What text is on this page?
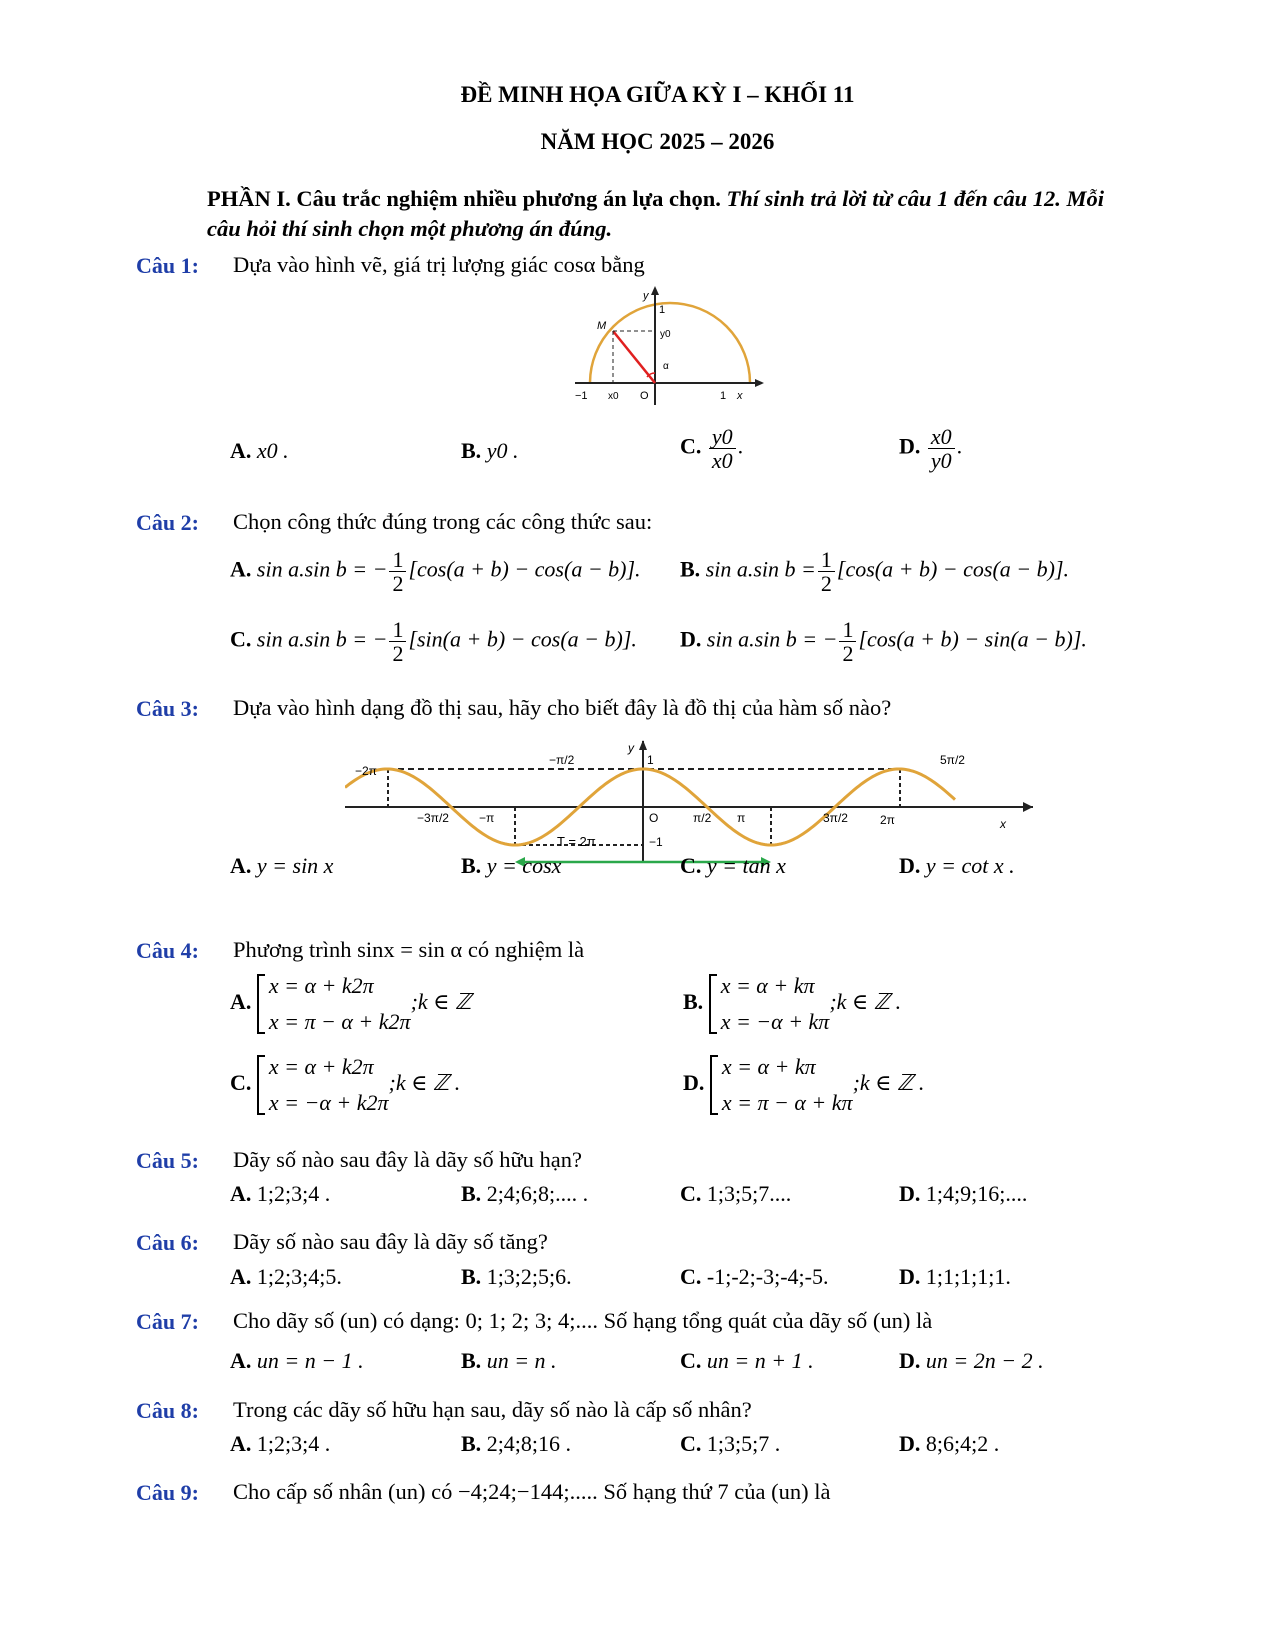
ĐỀ MINH HỌA GIỮA KỲ I – KHỐI 11
NĂM HỌC 2025 – 2026
PHẦN I. Câu trắc nghiệm nhiều phương án lựa chọn. Thí sinh trả lời từ câu 1 đến câu 12. Mỗi câu hỏi thí sinh chọn một phương án đúng.
Câu 1: Dựa vào hình vẽ, giá trị lượng giác cosα bằng
y
1
M
y0
α
−1 x0 O	1 x
A. x0 .	B. y0 .	C. $\frac{y0}{x0}$ .	D. $\frac{x0}{y0}$ .
Câu 2: Chọn công thức đúng trong các công thức sau:
A. sin a.sin b = − $\frac{1}{2} [\cos(a + b) - \cos(a - b)]$. B. sin a.sin $b = \frac{1}{2} [\cos(a + b) - \cos(a - b)]$.
C. sin a.sin b = − $\frac{1}{2} [\sin(a + b) - \cos(a - b)]$. D. sin a.sin b = − $\frac{1}{2} [\cos(a + b) - \sin(a - b)]$.
Câu 3: Dựa vào hình dạng đồ thị sau, hãy cho biết đây là đồ thị của hàm số nào?
y
1
−2π
−π/2
−3π/2	−π	O
−1
π/2 π	3π/2	2π
5π/2
x
T = 2π
A. y = sin x	B. y = cosx	C. y = tan x	D. y = cot x .
Câu 4: Phương trình sinx = sin α có nghiệm là
A.
x = α + k2π
x = π − α + k2π
;k ∈ ℤ	B.
x = α + kπ
x = −α + kπ
;k ∈ ℤ .
C.
x = α + k2π
x = −α + k2π
;k ∈ ℤ .	D.
x = α + kπ
x = π − α + kπ
;k ∈ ℤ .
Câu 5: Dãy số nào sau đây là dãy số hữu hạn?
A. 1;2;3;4 .	B. 2;4;6;8;.... .	C. 1;3;5;7....	D. 1;4;9;16;....
Câu 6: Dãy số nào sau đây là dãy số tăng?
A. 1;2;3;4;5.	B. 1;3;2;5;6.	C. -1;-2;-3;-4;-5.	D. 1;1;1;1;1.
Câu 7: Cho dãy số (un) có dạng: 0; 1; 2; 3; 4;.... Số hạng tổng quát của dãy số (un) là
A. un = n − 1 .	B. un = n .	C. un = n + 1 .	D. un = 2n − 2 .
Câu 8: Trong các dãy số hữu hạn sau, dãy số nào là cấp số nhân?
A. 1;2;3;4 .	B. 2;4;8;16 .	C. 1;3;5;7 .	D. 8;6;4;2 .
Câu 9: Cho cấp số nhân (un) có −4;24;−144;..... Số hạng thứ 7 của (un) là
